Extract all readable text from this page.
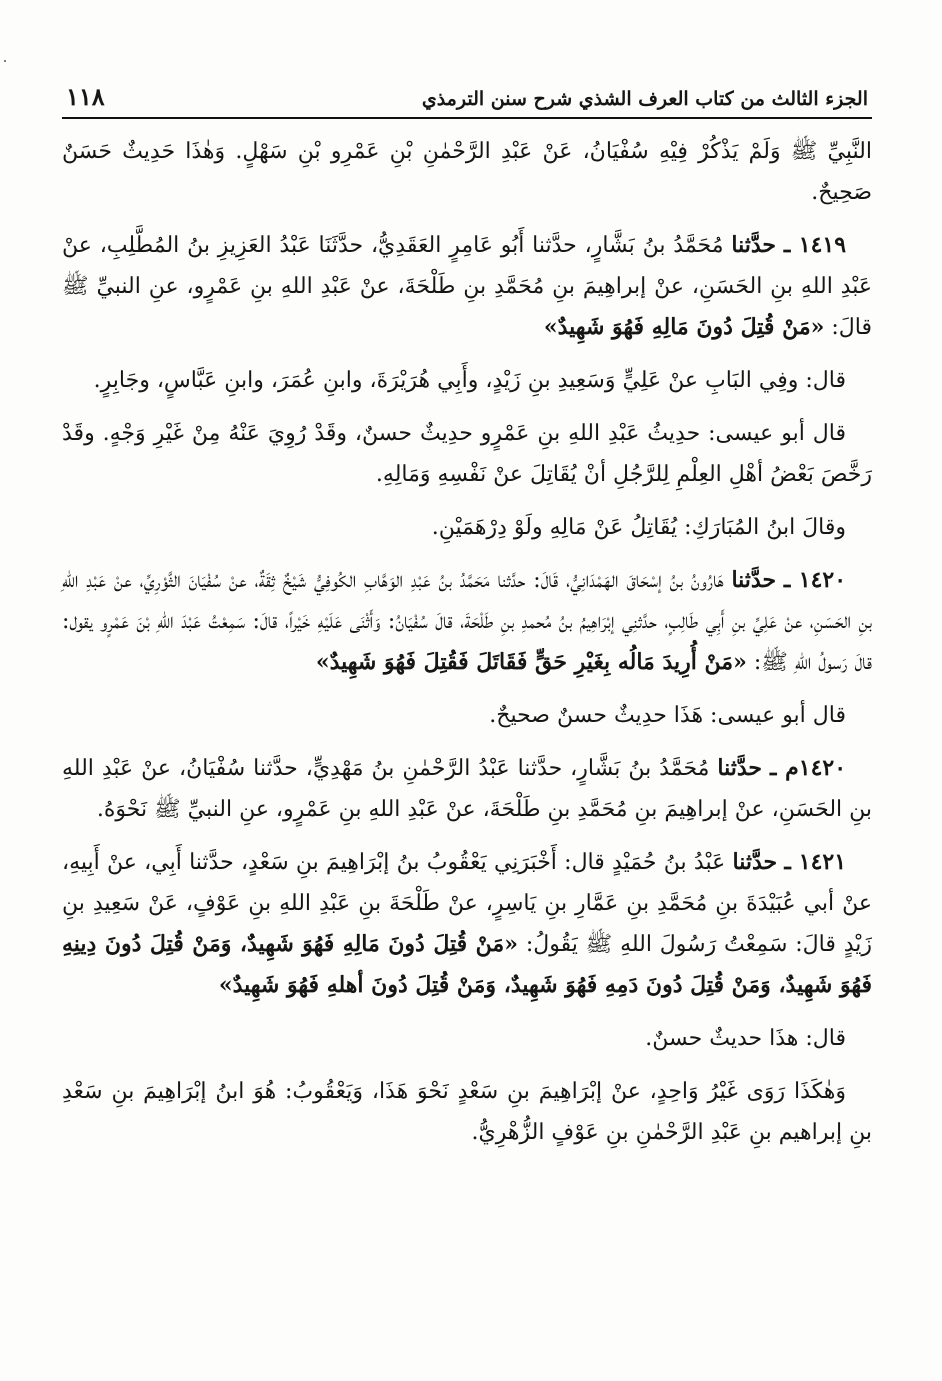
الجزء الثالث من كتاب العرف الشذي شرح سنن الترمذي
١١٨

النَّبِيِّ ﷺ وَلَمْ يَذْكُرْ فِيْهِ سُفْيَانُ، عَنْ عَبْدِ الرَّحْمٰنِ بْنِ عَمْرِو بْنِ سَهْلٍ. وَهٰذَا حَدِيثٌ حَسَنٌ صَحِيحٌ.

١٤١٩ ـ حدَّثنا مُحَمَّدُ بنُ بَشَّارٍ، حدَّثنا أَبُو عَامِرٍ العَقَدِيُّ، حدَّثَنَا عَبْدُ العَزِيزِ بنُ المُطَّلِبِ، عنْ عَبْدِ اللهِ بنِ الحَسَنِ، عنْ إبراهِيمَ بنِ مُحَمَّدِ بنِ طَلْحَةَ، عنْ عَبْدِ اللهِ بنِ عَمْرٍو، عنِ النبيِّ ﷺ قالَ: «مَنْ قُتِلَ دُونَ مَالِهِ فَهُوَ شَهِيدٌ»

قال: وفِي البَابِ عنْ عَلِيٍّ وَسَعِيدِ بنِ زَيْدٍ، وأَبِي هُرَيْرَةَ، وابنِ عُمَرَ، وابنِ عَبَّاسٍ، وجَابِرٍ.

قال أبو عيسى: حدِيثُ عَبْدِ اللهِ بنِ عَمْرٍو حدِيثٌ حسنٌ، وقَدْ رُوِيَ عَنْهُ مِنْ غَيْرِ وَجْهٍ. وقَدْ رَخَّصَ بَعْضُ أهْلِ العِلْمِ لِلرَّجُلِ أنْ يُقَاتِلَ عنْ نَفْسِهِ وَمَالِهِ.

وقالَ ابنُ المُبَارَكِ: يُقَاتِلُ عَنْ مَالِهِ ولَوْ دِرْهَمَيْنِ.

١٤٢٠ ـ حدَّثنا هَارُونُ بنُ إسْحَاقَ الهَمْدَانِيُّ، قَالَ: حدَّثنا مَحَمَّدُ بنُ عَبْدِ الوَهَّابِ الكُوفِيُّ شَيْخٌ ثِقَةٌ، عنْ سُفْيَانَ الثَّوْرِيِّ، عنْ عَبْدِ اللهِ بنِ الحَسَنِ، عنْ عَلِيِّ بنِ أَبِي طَالِبٍ، حدَّثنِي إبْرَاهِيمُ بنُ مُحمدِ بنِ طَلْحَةَ، قالَ سُفْيَانُ: وَأَثْنَى عَلَيْهِ خَيْراً، قالَ: سَمِعْتُ عَبْدَ اللّٰهِ بْنَ عَمْرٍو يقول: قالَ رَسولُ اللهِ ﷺ: «مَنْ أُرِيدَ مَالُه بِغَيْرِ حَقٍّ فَقَاتَلَ فَقُتِلَ فَهُوَ شَهِيدٌ»

قال أبو عيسى: هَذَا حدِيثٌ حسنٌ صحيحٌ.

١٤٢٠م ـ حدَّثنا مُحَمَّدُ بنُ بَشَّارٍ، حدَّثنا عَبْدُ الرَّحْمٰنِ بنُ مَهْدِيٍّ، حدَّثنا سُفْيَانُ، عنْ عَبْدِ اللهِ بنِ الحَسَنِ، عنْ إبراهِيمَ بنِ مُحَمَّدِ بنِ طَلْحَةَ، عنْ عَبْدِ اللهِ بنِ عَمْرٍو، عنِ النبيِّ ﷺ نَحْوَهُ.

١٤٢١ ـ حدَّثنا عَبْدُ بنُ حُمَيْدٍ قال: أَخْبَرَنِي يَعْقُوبُ بنُ إبْرَاهِيمَ بنِ سَعْدٍ، حدَّثنا أَبِي، عنْ أَبِيهِ، عنْ أبي عُبَيْدَةَ بنِ مُحَمَّدِ بنِ عَمَّارِ بنِ يَاسِرٍ، عنْ طَلْحَةَ بنِ عَبْدِ اللهِ بنِ عَوْفٍ، عَنْ سَعِيدِ بنِ زَيْدٍ قالَ: سَمِعْتُ رَسُولَ اللهِ ﷺ يَقُولُ: «مَنْ قُتِلَ دُونَ مَالِهِ فَهُوَ شَهِيدٌ، وَمَنْ قُتِلَ دُونَ دِينِهِ فَهُوَ شَهِيدٌ، وَمَنْ قُتِلَ دُونَ دَمِهِ فَهُوَ شَهِيدٌ، وَمَنْ قُتِلَ دُونَ أهلهِ فَهُوَ شَهِيدٌ»

قال: هذَا حديثٌ حسنٌ.

وَهٰكَذَا رَوَى غَيْرُ وَاحِدٍ، عنْ إبْرَاهِيمَ بنِ سَعْدٍ نَحْوَ هَذَا، وَيَعْقُوبُ: هُوَ ابنُ إبْرَاهِيمَ بنِ سَعْدِ بنِ إبراهيم بنِ عَبْدِ الرَّحْمٰنِ بنِ عَوْفٍ الزُّهْرِيُّ.
